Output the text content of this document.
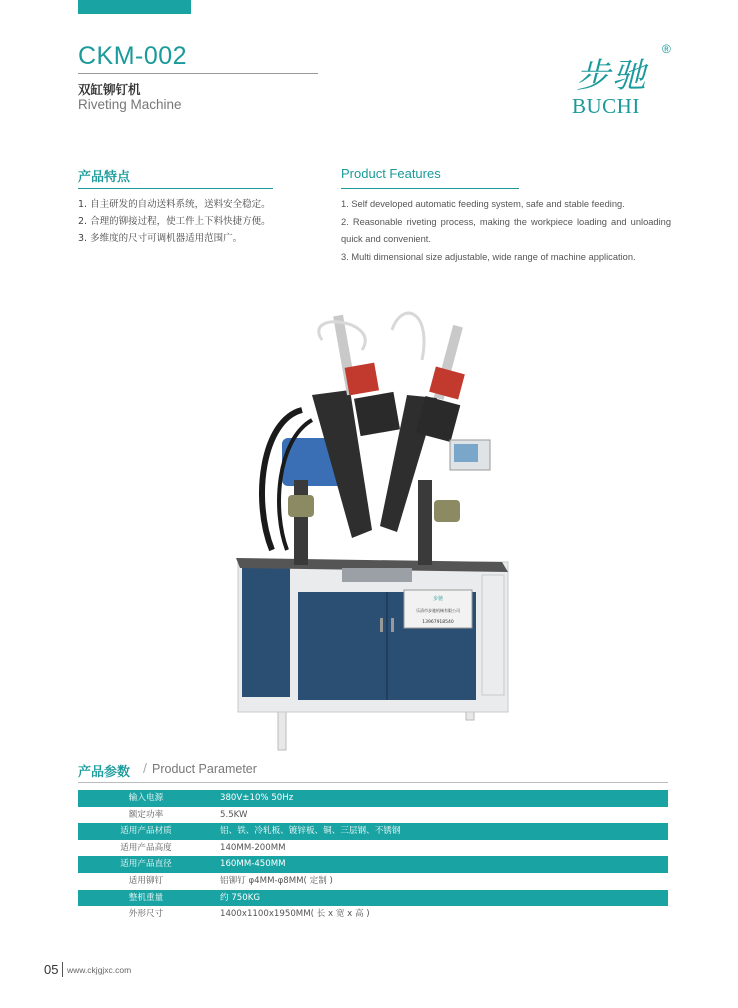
CKM-002
双缸铆钉机
Riveting Machine
步驰
BUCHI
®
产品特点
1. 自主研发的自动送料系统，送料安全稳定。
2. 合理的铆接过程，使工件上下料快捷方便。
3. 多维度的尺寸可调机器适用范围广。
Product Features
1. Self developed automatic feeding system, safe and stable feeding.
2. Reasonable riveting process, making the workpiece loading and unloading quick and convenient.
3. Multi dimensional size adjustable, wide range of machine application.
步驰
乐清市步驰机械有限公司
13967918540
产品参数 / Product Parameter
输入电源	380V±10% 50Hz
额定功率	5.5KW
适用产品材质	铝、铁、冷轧板、镀锌板、铜、三层钢、不锈钢
适用产品高度	140MM-200MM
适用产品直径	160MM-450MM
适用铆钉	铝铆钉 φ4MM-φ8MM( 定制 )
整机重量	约 750KG
外形尺寸	1400x1100x1950MM( 长 x 宽 x 高 )
05 www.ckjgjxc.com
